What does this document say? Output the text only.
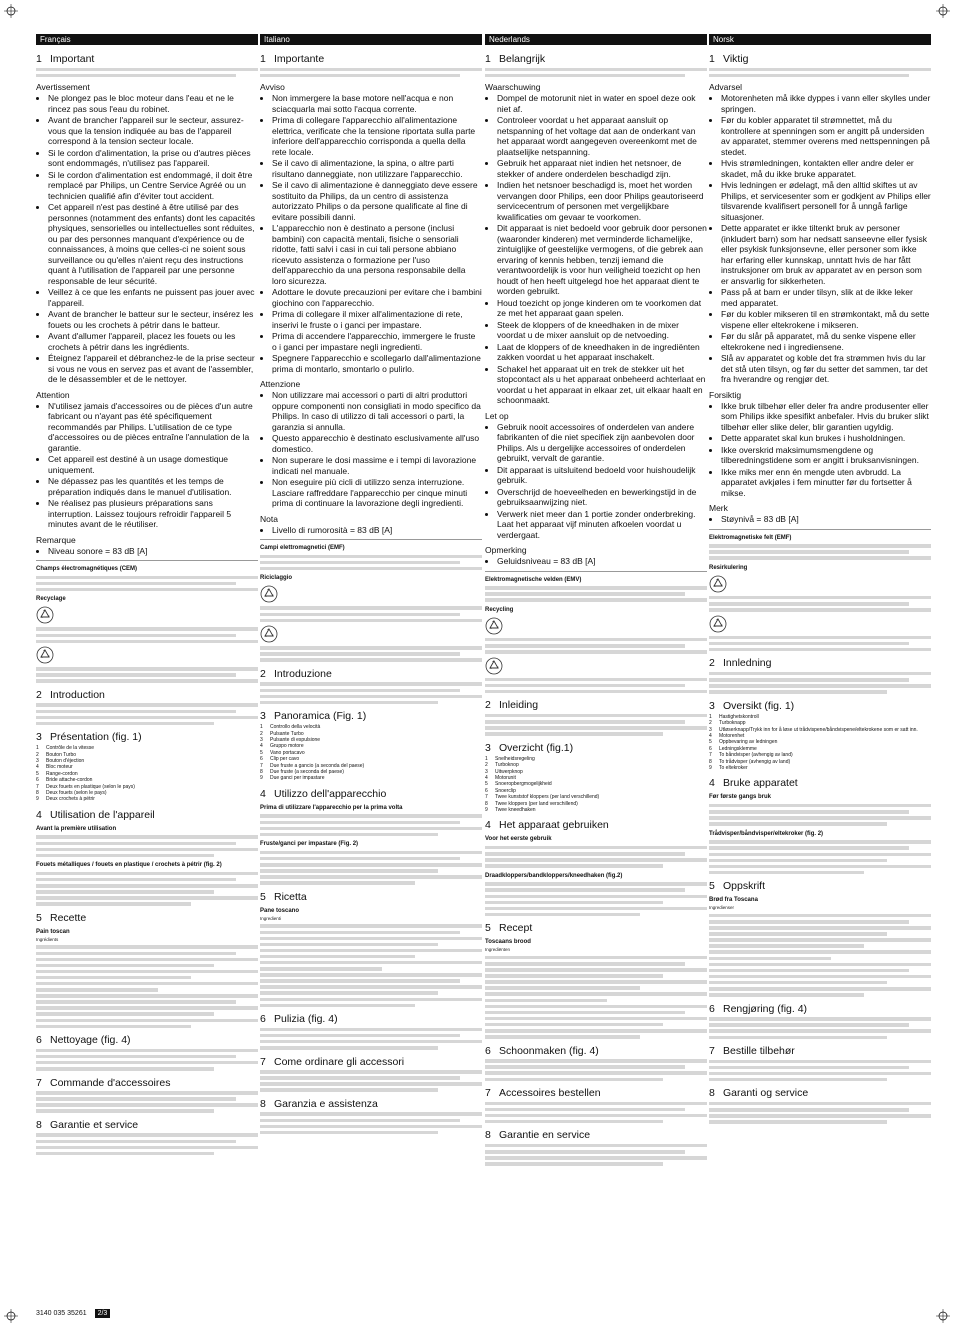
Français
1 Important
Avertissement
• Ne plongez pas le bloc moteur dans l'eau et ne le rincez pas sous l'eau du robinet.
• Avant de brancher l'appareil sur le secteur, assurez-vous que la tension indiquée au bas de l'appareil correspond à la tension secteur locale.
• Si le cordon d'alimentation, la prise ou d'autres pièces sont endommagés, n'utilisez pas l'appareil.
• Si le cordon d'alimentation est endommagé, il doit être remplacé par Philips, un Centre Service Agréé ou un technicien qualifié afin d'éviter tout accident.
• Cet appareil n'est pas destiné à être utilisé par des personnes (notamment des enfants) dont les capacités physiques, sensorielles ou intellectuelles sont réduites, ou par des personnes manquant d'expérience ou de connaissances, à moins que celles-ci ne soient sous surveillance ou qu'elles n'aient reçu des instructions quant à l'utilisation de l'appareil par une personne responsable de leur sécurité.
• Veillez à ce que les enfants ne puissent pas jouer avec l'appareil.
• Avant de brancher le batteur sur le secteur, insérez les fouets ou les crochets à pétrir dans le batteur.
• Avant d'allumer l'appareil, placez les fouets ou les crochets à pétrir dans les ingrédients.
• Éteignez l'appareil et débranchez-le de la prise secteur si vous ne vous en servez pas et avant de l'assembler, de le désassembler et de le nettoyer.
Attention
• N'utilisez jamais d'accessoires ou de pièces d'un autre fabricant ou n'ayant pas été spécifiquement recommandés par Philips. L'utilisation de ce type d'accessoires ou de pièces entraîne l'annulation de la garantie.
• Cet appareil est destiné à un usage domestique uniquement.
• Ne dépassez pas les quantités et les temps de préparation indiqués dans le manuel d'utilisation.
• Ne réalisez pas plusieurs préparations sans interruption. Laissez toujours refroidir l'appareil 5 minutes avant de le réutiliser.
Remarque
• Niveau sonore = 83 dB [A]
Champs électromagnétiques (CEM)
Recyclage
2 Introduction
3 Présentation (fig. 1)
1 Contrôle de la vitesse
2 Bouton Turbo
3 Bouton d'éjection
4 Bloc moteur
5 Range-cordon
6 Bride attache-cordon
7 Deux fouets en plastique (selon le pays)
8 Deux fouets (selon le pays)
9 Deux crochets à pétrir
4 Utilisation de l'appareil
Avant la première utilisation
Fouets métalliques / fouets en plastique / crochets à pétrir (fig. 2)
5 Recette
Pain toscan
Ingrédients
6 Nettoyage (fig. 4)
7 Commande d'accessoires
8 Garantie et service
Italiano
1 Importante
Avviso
• Non immergere la base motore nell'acqua e non sciacquarla mai sotto l'acqua corrente.
• Prima di collegare l'apparecchio all'alimentazione elettrica, verificate che la tensione riportata sulla parte inferiore dell'apparecchio corrisponda a quella della rete locale.
• Se il cavo di alimentazione, la spina, o altre parti risultano danneggiate, non utilizzare l'apparecchio.
• Se il cavo di alimentazione è danneggiato deve essere sostituito da Philips, da un centro di assistenza autorizzato Philips o da persone qualificate al fine di evitare possibili danni.
• L'apparecchio non è destinato a persone (inclusi bambini) con capacità mentali, fisiche o sensoriali ridotte, fatti salvi i casi in cui tali persone abbiano ricevuto assistenza o formazione per l'uso dell'apparecchio da una persona responsabile della loro sicurezza.
• Adottare le dovute precauzioni per evitare che i bambini giochino con l'apparecchio.
• Prima di collegare il mixer all'alimentazione di rete, inserivi le fruste o i ganci per impastare.
• Prima di accendere l'apparecchio, immergere le fruste o i ganci per impastare negli ingredienti.
• Spegnere l'apparecchio e scollegarlo dall'alimentazione prima di montarlo, smontarlo o pulirlo.
Attenzione
• Non utilizzare mai accessori o parti di altri produttori oppure componenti non consigliati in modo specifico da Philips. In caso di utilizzo di tali accessori o parti, la garanzia si annulla.
• Questo apparecchio è destinato esclusivamente all'uso domestico.
• Non superare le dosi massime e i tempi di lavorazione indicati nel manuale.
• Non eseguire più cicli di utilizzo senza interruzione. Lasciare raffreddare l'apparecchio per cinque minuti prima di continuare la lavorazione degli ingredienti.
Nota
• Livello di rumorosità = 83 dB [A]
Campi elettromagnetici (EMF)
Riciclaggio
2 Introduzione
3 Panoramica (Fig. 1)
1 Controllo della velocità
2 Pulsante Turbo
3 Pulsante di espulsione
4 Gruppo motore
5 Vano portacavo
6 Clip per cavo
7 Due fruste a gancio (a seconda del paese)
8 Due fruste (a seconda del paese)
9 Due ganci per impastare
4 Utilizzo dell'apparecchio
Prima di utilizzare l'apparecchio per la prima volta
Fruste/ganci per impastare (Fig. 2)
5 Ricetta
Pane toscano
Ingredienti
6 Pulizia (fig. 4)
7 Come ordinare gli accessori
8 Garanzia e assistenza
Nederlands
1 Belangrijk
Waarschuwing
• Dompel de motorunit niet in water en spoel deze ook niet af.
• Controleer voordat u het apparaat aansluit op netspanning of het voltage dat aan de onderkant van het apparaat wordt aangegeven overeenkomt met de plaatselijke netspanning.
• Gebruik het apparaat niet indien het netsnoer, de stekker of andere onderdelen beschadigd zijn.
• Indien het netsnoer beschadigd is, moet het worden vervangen door Philips, een door Philips geautoriseerd servicecentrum of personen met vergelijkbare kwalificaties om gevaar te voorkomen.
• Dit apparaat is niet bedoeld voor gebruik door personen (waaronder kinderen) met verminderde lichamelijke, zintuiglijke of geestelijke vermogens, of die gebrek aan ervaring of kennis hebben, tenzij iemand die verantwoordelijk is voor hun veiligheid toezicht op hen houdt of hen heeft uitgelegd hoe het apparaat dient te worden gebruikt.
• Houd toezicht op jonge kinderen om te voorkomen dat ze met het apparaat gaan spelen.
• Steek de kloppers of de kneedhaken in de mixer voordat u de mixer aansluit op de netvoeding.
• Laat de kloppers of de kneedhaken in de ingrediënten zakken voordat u het apparaat inschakelt.
• Schakel het apparaat uit en trek de stekker uit het stopcontact als u het apparaat onbeheerd achterlaat en voordat u het apparaat in elkaar zet, uit elkaar haalt en schoonmaakt.
Let op
• Gebruik nooit accessoires of onderdelen van andere fabrikanten of die niet specifiek zijn aanbevolen door Philips. Als u dergelijke accessoires of onderdelen gebruikt, vervalt de garantie.
• Dit apparaat is uitsluitend bedoeld voor huishoudelijk gebruik.
• Overschrijd de hoeveelheden en bewerkingstijd in de gebruiksaanwijzing niet.
• Verwerk niet meer dan 1 portie zonder onderbreking. Laat het apparaat vijf minuten afkoelen voordat u verdergaat.
Opmerking
• Geluidsniveau = 83 dB [A]
Elektromagnetische velden (EMV)
Recycling
2 Inleiding
3 Overzicht (fig.1)
1 Snelheidsregeling
2 Turboknop
3 Uitwerpknop
4 Motorunit
5 Snoeropbergmogelijkheid
6 Snoerclip
7 Twee kunststof kloppers (per land verschillend)
8 Twee kloppers (per land verschillend)
9 Twee kneedhaken
4 Het apparaat gebruiken
Voor het eerste gebruik
Draadkloppers/bandkloppers/kneedhaken (fig.2)
5 Recept
Toscaans brood
Ingrediënten
6 Schoonmaken (fig. 4)
7 Accessoires bestellen
8 Garantie en service
Norsk
1 Viktig
Advarsel
• Motorenheten må ikke dyppes i vann eller skylles under springen.
• Før du kobler apparatet til strømnettet, må du kontrollere at spenningen som er angitt på undersiden av apparatet, stemmer overens med nettspenningen på stedet.
• Hvis strømledningen, kontakten eller andre deler er skadet, må du ikke bruke apparatet.
• Hvis ledningen er ødelagt, må den alltid skiftes ut av Philips, et servicesenter som er godkjent av Philips eller tilsvarende kvalifisert personell for å unngå farlige situasjoner.
• Dette apparatet er ikke tiltenkt bruk av personer (inkludert barn) som har nedsatt sanseevne eller fysisk eller psykisk funksjonsevne, eller personer som ikke har erfaring eller kunnskap, unntatt hvis de har fått instruksjoner om bruk av apparatet av en person som er ansvarlig for sikkerheten.
• Pass på at barn er under tilsyn, slik at de ikke leker med apparatet.
• Før du kobler mikseren til en strømkontakt, må du sette vispene eller eltekrokene i mikseren.
• Før du slår på apparatet, må du senke vispene eller eltekrokene ned i ingrediensene.
• Slå av apparatet og koble det fra strømmen hvis du lar det stå uten tilsyn, og før du setter det sammen, tar det fra hverandre og rengjør det.
Forsiktig
• Ikke bruk tilbehør eller deler fra andre produsenter eller som Philips ikke spesifikt anbefaler. Hvis du bruker slikt tilbehør eller slike deler, blir garantien ugyldig.
• Dette apparatet skal kun brukes i husholdningen.
• Ikke overskrid maksimumsmengdene og tilberedningstidene som er angitt i bruksanvisningen.
• Ikke miks mer enn én mengde uten avbrudd. La apparatet avkjøles i fem minutter før du fortsetter å mikse.
Merk
• Støynivå = 83 dB [A]
Elektromagnetiske felt (EMF)
Resirkulering
2 Innledning
3 Oversikt (fig. 1)
1 Hastighetskontroll
2 Turboknapp
3 Utløserknapp/Trykk inn for å løse ut trådvispene/båndvispene/eltekrokene som er satt inn.
4 Motorenhet
5 Oppbevaring av ledningen
6 Ledningsklemme
7 To båndvisper (avhengig av land)
8 To trådvisper (avhengig av land)
9 To eltekroker
4 Bruke apparatet
Før første gangs bruk
Trådvisper/båndvisper/eltekroker (fig. 2)
5 Oppskrift
Brød fra Toscana
Ingredienser
6 Rengjøring (fig. 4)
7 Bestille tilbehør
8 Garanti og service
3140 035 35261 2/3
